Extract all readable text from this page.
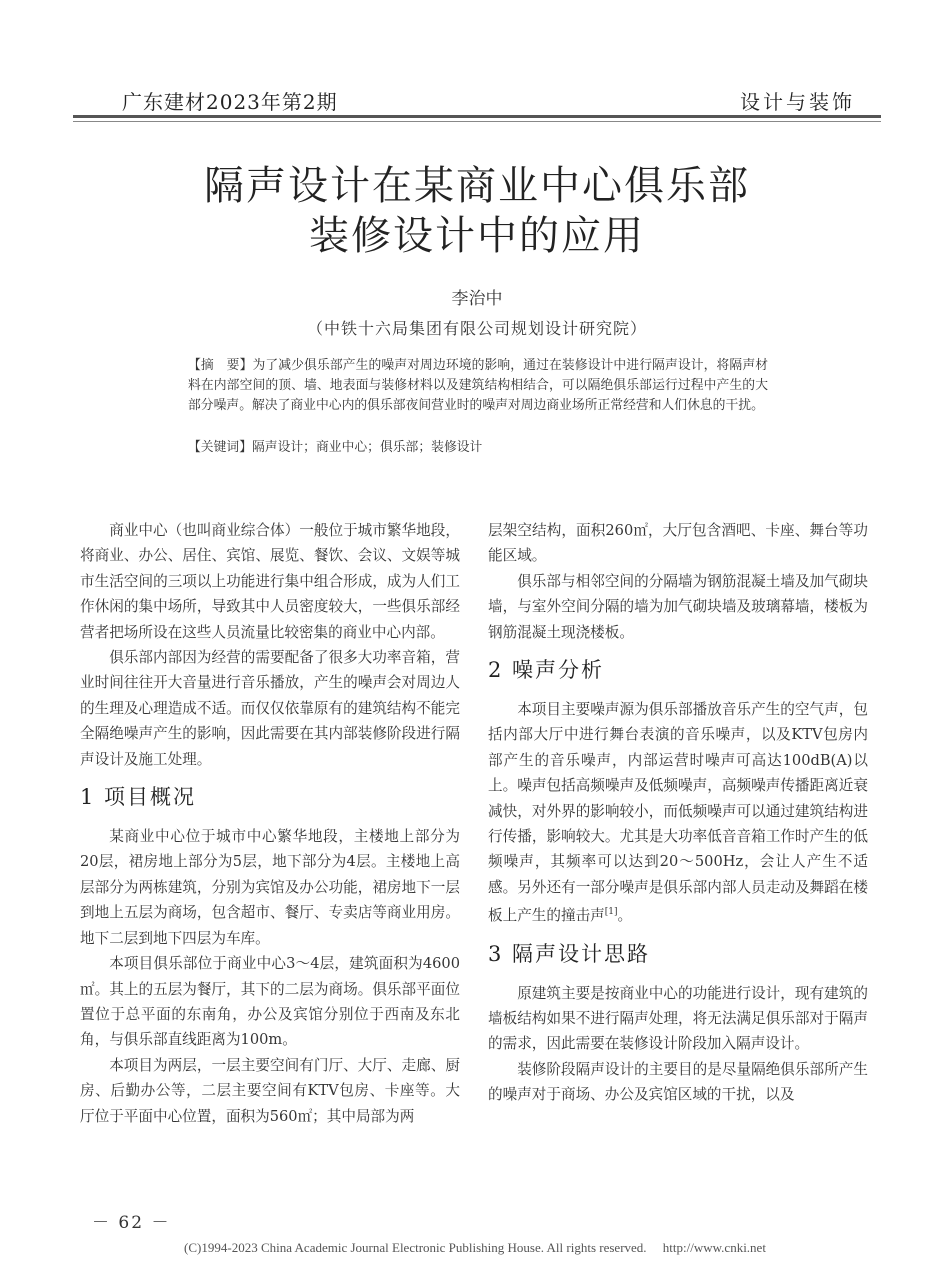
广东建材2023年第2期	设计与装饰
隔声设计在某商业中心俱乐部
装修设计中的应用
李治中
（中铁十六局集团有限公司规划设计研究院）
【摘　要】为了减少俱乐部产生的噪声对周边环境的影响，通过在装修设计中进行隔声设计，将隔声材料在内部空间的顶、墙、地表面与装修材料以及建筑结构相结合，可以隔绝俱乐部运行过程中产生的大部分噪声。解决了商业中心内的俱乐部夜间营业时的噪声对周边商业场所正常经营和人们休息的干扰。
【关键词】隔声设计；商业中心；俱乐部；装修设计

商业中心（也叫商业综合体）一般位于城市繁华地段，将商业、办公、居住、宾馆、展览、餐饮、会议、文娱等城市生活空间的三项以上功能进行集中组合形成，成为人们工作休闲的集中场所，导致其中人员密度较大，一些俱乐部经营者把场所设在这些人员流量比较密集的商业中心内部。

俱乐部内部因为经营的需要配备了很多大功率音箱，营业时间往往开大音量进行音乐播放，产生的噪声会对周边人的生理及心理造成不适。而仅仅依靠原有的建筑结构不能完全隔绝噪声产生的影响，因此需要在其内部装修阶段进行隔声设计及施工处理。

1 项目概况

某商业中心位于城市中心繁华地段，主楼地上部分为20层，裙房地上部分为5层，地下部分为4层。主楼地上高层部分为两栋建筑，分别为宾馆及办公功能，裙房地下一层到地上五层为商场，包含超市、餐厅、专卖店等商业用房。地下二层到地下四层为车库。

本项目俱乐部位于商业中心3～4层，建筑面积为4600㎡。其上的五层为餐厅，其下的二层为商场。俱乐部平面位置位于总平面的东南角，办公及宾馆分别位于西南及东北角，与俱乐部直线距离为100m。

本项目为两层，一层主要空间有门厅、大厅、走廊、厨房、后勤办公等，二层主要空间有KTV包房、卡座等。大厅位于平面中心位置，面积为560㎡；其中局部为两

层架空结构，面积260㎡，大厅包含酒吧、卡座、舞台等功能区域。

俱乐部与相邻空间的分隔墙为钢筋混凝土墙及加气砌块墙，与室外空间分隔的墙为加气砌块墙及玻璃幕墙，楼板为钢筋混凝土现浇楼板。

2 噪声分析

本项目主要噪声源为俱乐部播放音乐产生的空气声，包括内部大厅中进行舞台表演的音乐噪声，以及KTV包房内部产生的音乐噪声，内部运营时噪声可高达100dB(A)以上。噪声包括高频噪声及低频噪声，高频噪声传播距离近衰减快，对外界的影响较小，而低频噪声可以通过建筑结构进行传播，影响较大。尤其是大功率低音音箱工作时产生的低频噪声，其频率可以达到20～500Hz，会让人产生不适感。另外还有一部分噪声是俱乐部内部人员走动及舞蹈在楼板上产生的撞击声[1]。

3 隔声设计思路

原建筑主要是按商业中心的功能进行设计，现有建筑的墙板结构如果不进行隔声处理，将无法满足俱乐部对于隔声的需求，因此需要在装修设计阶段加入隔声设计。

装修阶段隔声设计的主要目的是尽量隔绝俱乐部所产生的噪声对于商场、办公及宾馆区域的干扰，以及

－ 62 －
(C)1994-2023 China Academic Journal Electronic Publishing House. All rights reserved.　 http://www.cnki.net
